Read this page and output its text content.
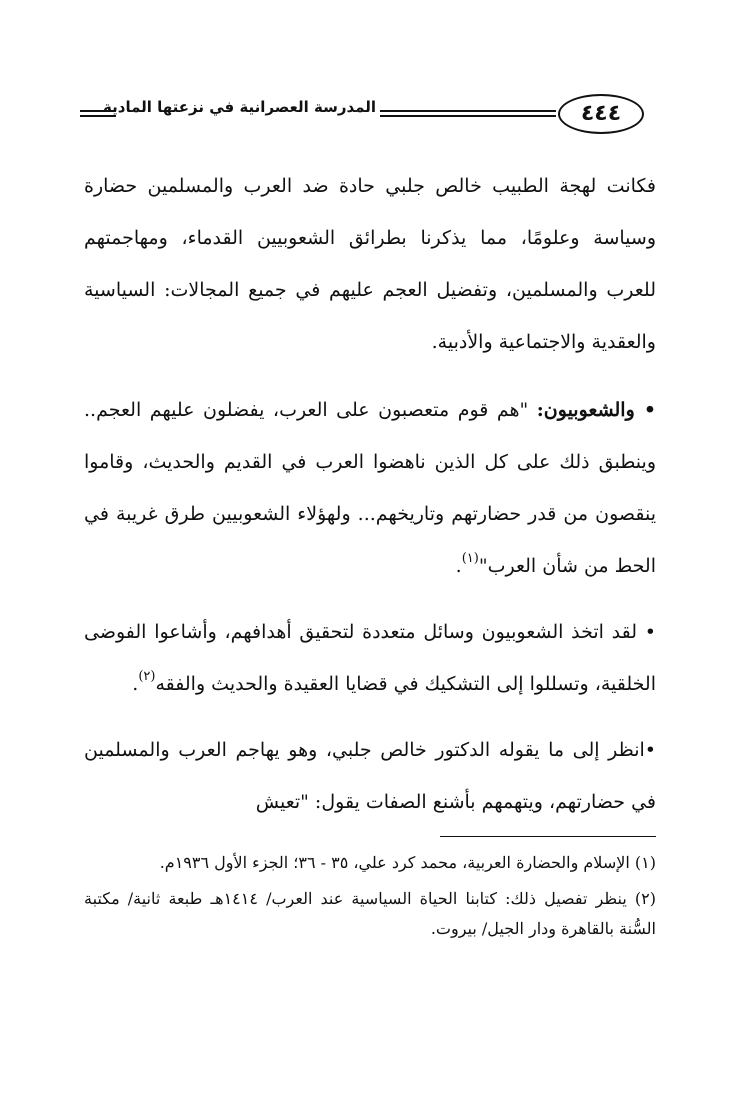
المدرسة العصرانية في نزعتها المادية	٤٤٤

فكانت لهجة الطبيب خالص جلبي حادة ضد العرب والمسلمين حضارة وسياسة وعلومًا، مما يذكرنا بطرائق الشعوبيين القدماء، ومهاجمتهم للعرب والمسلمين، وتفضيل العجم عليهم في جميع المجالات: السياسية والعقدية والاجتماعية والأدبية.

• والشعوبيون: "هم قوم متعصبون على العرب، يفضلون عليهم العجم.. وينطبق ذلك على كل الذين ناهضوا العرب في القديم والحديث، وقاموا ينقصون من قدر حضارتهم وتاريخهم... ولهؤلاء الشعوبيين طرق غريبة في الحط من شأن العرب"$^{(١)}$.

• لقد اتخذ الشعوبيون وسائل متعددة لتحقيق أهدافهم، وأشاعوا الفوضى الخلقية، وتسللوا إلى التشكيك في قضايا العقيدة والحديث والفقه$^{(٢)}$.

•انظر إلى ما يقوله الدكتور خالص جلبي، وهو يهاجم العرب والمسلمين في حضارتهم، ويتهمهم بأشنع الصفات يقول: "تعيش

(١) الإسلام والحضارة العربية، محمد كرد علي، ٣٥ - ٣٦؛ الجزء الأول ١٩٣٦م.

(٢) ينظر تفصيل ذلك: كتابنا الحياة السياسية عند العرب/ ١٤١٤هـ طبعة ثانية/ مكتبة السُّنة بالقاهرة ودار الجيل/ بيروت.
